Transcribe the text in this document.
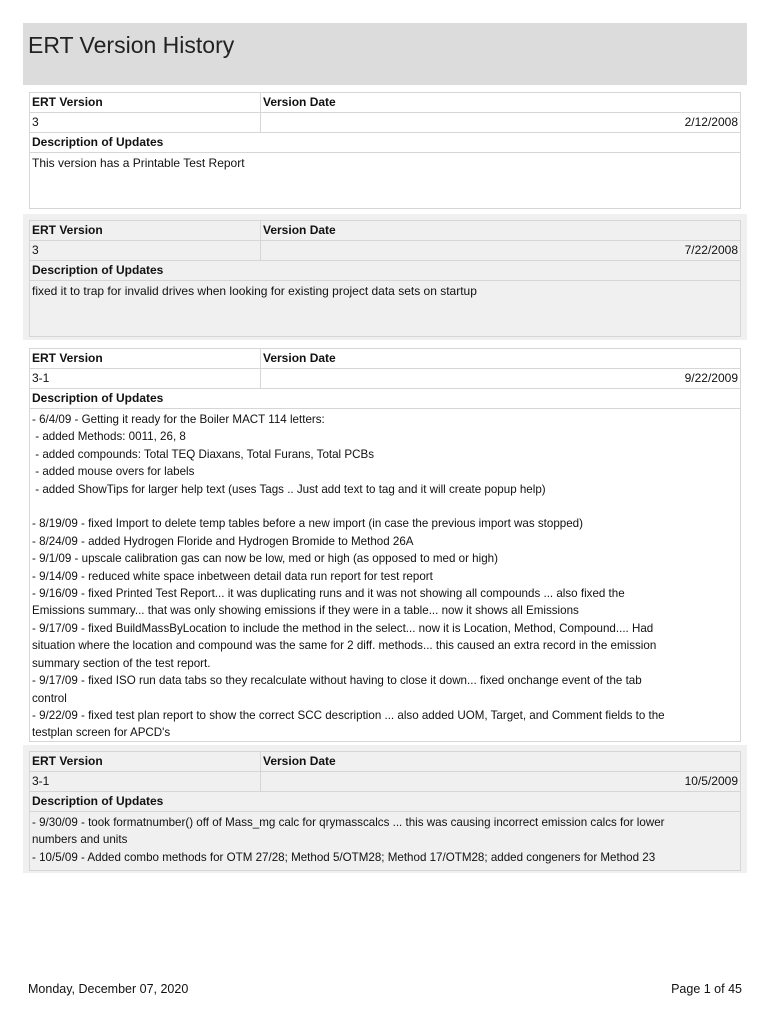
ERT Version History
ERT Version	Version Date
3	2/12/2008
Description of Updates
This version has a Printable Test Report
ERT Version	Version Date
3	7/22/2008
Description of Updates
fixed it to trap for invalid drives when looking for existing project data sets on startup
ERT Version	Version Date
3-1	9/22/2009
Description of Updates
- 6/4/09 - Getting it ready for the Boiler MACT 114 letters:
- added Methods: 0011, 26, 8
- added compounds: Total TEQ Diaxans, Total Furans, Total PCBs
- added mouse overs for labels
- added ShowTips for larger help text (uses Tags .. Just add text to tag and it will create popup help)

- 8/19/09 - fixed Import to delete temp tables before a new import (in case the previous import was stopped)
- 8/24/09 - added Hydrogen Floride and Hydrogen Bromide to Method 26A
- 9/1/09 - upscale calibration gas can now be low, med or high (as opposed to med or high)
- 9/14/09 - reduced white space inbetween detail data run report for test report
- 9/16/09 - fixed Printed Test Report... it was duplicating runs and it was not showing all compounds ... also fixed the
Emissions summary... that was only showing emissions if they were in a table... now it shows all Emissions
- 9/17/09 - fixed BuildMassByLocation to include the method in the select... now it is Location, Method, Compound.... Had
situation where the location and compound was the same for 2 diff. methods... this caused an extra record in the emission
summary section of the test report.
- 9/17/09 - fixed ISO run data tabs so they recalculate without having to close it down... fixed onchange event of the tab
control
- 9/22/09 - fixed test plan report to show the correct SCC description ... also added UOM, Target, and Comment fields to the
testplan screen for APCD's
ERT Version	Version Date
3-1	10/5/2009
Description of Updates
- 9/30/09 - took formatnumber() off of Mass_mg calc for qrymasscalcs ... this was causing incorrect emission calcs for lower
numbers and units
- 10/5/09 - Added combo methods for OTM 27/28; Method 5/OTM28; Method 17/OTM28; added congeners for Method 23
Monday, December 07, 2020	Page 1 of 45
